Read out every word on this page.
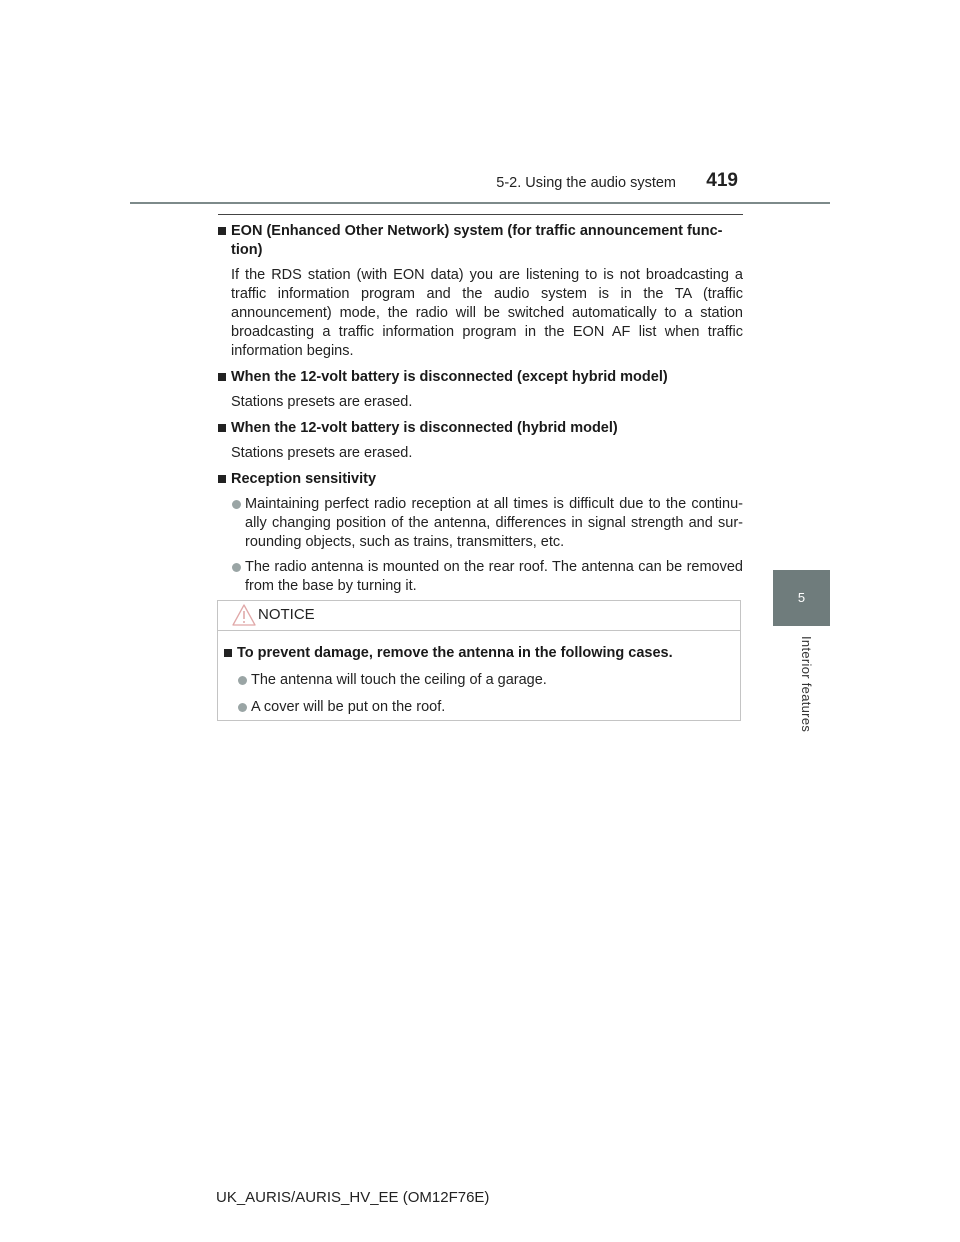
5-2. Using the audio system 419
5
Interior features
EON (Enhanced Other Network) system (for traffic announcement func-
tion)
If the RDS station (with EON data) you are listening to is not broadcasting a traffic information program and the audio system is in the TA (traffic announcement) mode, the radio will be switched automatically to a station broadcasting a traffic information program in the EON AF list when traffic information begins.
When the 12-volt battery is disconnected (except hybrid model)
Stations presets are erased.
When the 12-volt battery is disconnected (hybrid model)
Stations presets are erased.
Reception sensitivity
Maintaining perfect radio reception at all times is difficult due to the continu-ally changing position of the antenna, differences in signal strength and sur-rounding objects, such as trains, transmitters, etc.
The radio antenna is mounted on the rear roof. The antenna can be removed from the base by turning it.
NOTICE
To prevent damage, remove the antenna in the following cases.
The antenna will touch the ceiling of a garage.
A cover will be put on the roof.
UK_AURIS/AURIS_HV_EE (OM12F76E)
